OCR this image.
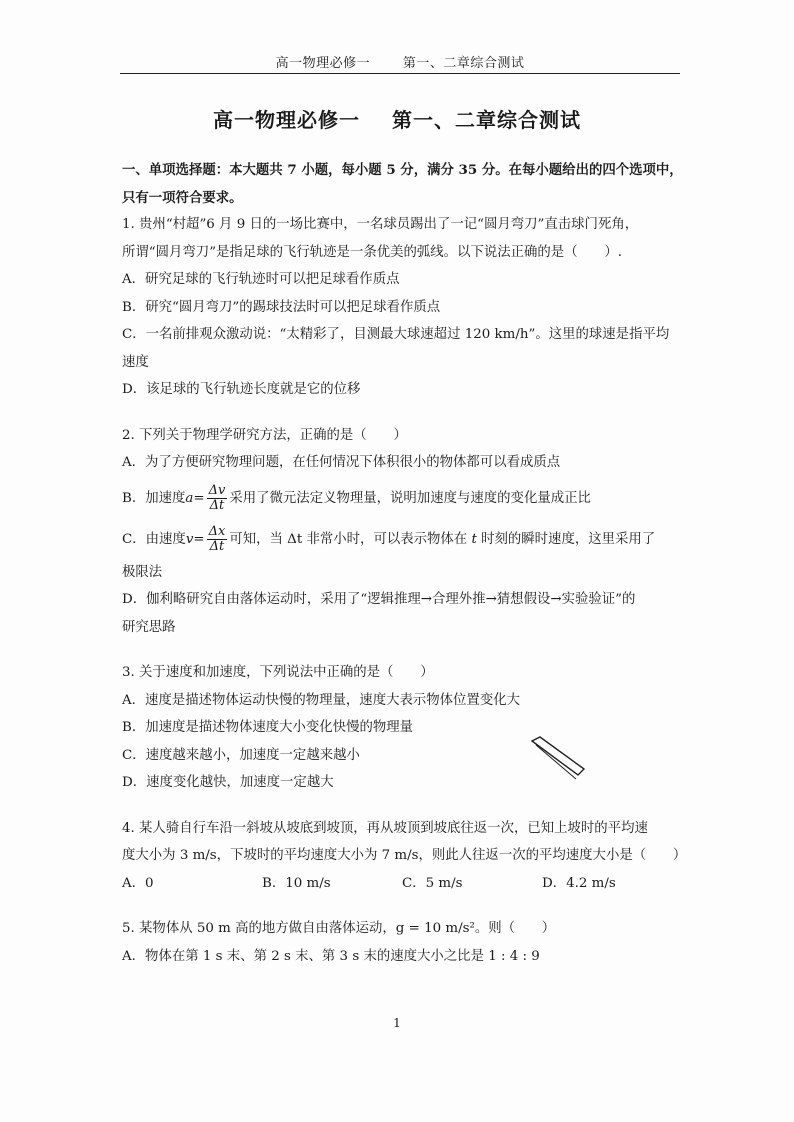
高一物理必修一	第一、二章综合测试
高一物理必修一 第一、二章综合测试
一、单项选择题：本大题共 7 小题，每小题 5 分，满分 35 分。在每小题给出的四个选项中，
只有一项符合要求。
1. 贵州“村超”6 月 9 日的一场比赛中，一名球员踢出了一记“圆月弯刀”直击球门死角，
所谓“圆月弯刀”是指足球的飞行轨迹是一条优美的弧线。以下说法正确的是（　　）.
A．研究足球的飞行轨迹时可以把足球看作质点
B．研究“圆月弯刀”的踢球技法时可以把足球看作质点
C．一名前排观众激动说：“太精彩了，目测最大球速超过 120 km/h”。这里的球速是指平均
速度
D．该足球的飞行轨迹长度就是它的位移
2. 下列关于物理学研究方法，正确的是（　　）
A．为了方便研究物理问题，在任何情况下体积很小的物体都可以看成质点
B．加速度$a= \frac{\Delta v}{\Delta t}$ 采用了微元法定义物理量，说明加速度与速度的变化量成正比
C．由速度$v= \frac{\Delta x}{\Delta t}$ 可知，当 Δt 非常小时，可以表示物体在 t 时刻的瞬时速度，这里采用了
极限法
D．伽利略研究自由落体运动时，采用了“逻辑推理→合理外推→猜想假设→实验验证”的
研究思路
3. 关于速度和加速度，下列说法中正确的是（　　）
A．速度是描述物体运动快慢的物理量，速度大表示物体位置变化大
B．加速度是描述物体速度大小变化快慢的物理量
C．速度越来越小，加速度一定越来越小
D．速度变化越快，加速度一定越大
4. 某人骑自行车沿一斜坡从坡底到坡顶，再从坡顶到坡底往返一次，已知上坡时的平均速
度大小为 3 m/s，下坡时的平均速度大小为 7 m/s，则此人往返一次的平均速度大小是（　　）
A．0	B．10 m/s	C．5 m/s	D．4.2 m/s
5. 某物体从 50 m 高的地方做自由落体运动，g = 10 m/s²。则（　　）
A．物体在第 1 s 末、第 2 s 末、第 3 s 末的速度大小之比是 1 : 4 : 9
1
